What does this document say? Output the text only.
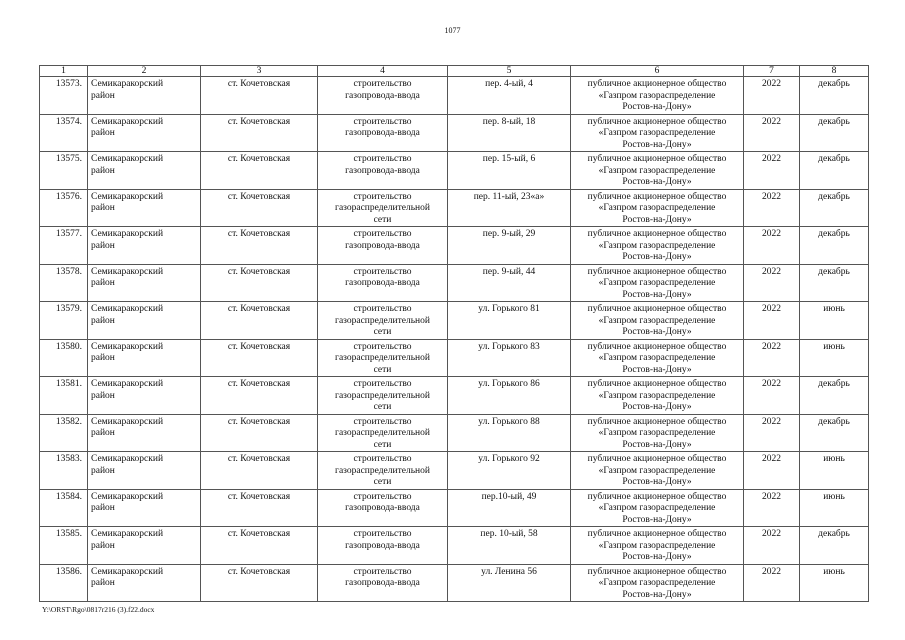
1077
1	2	3	4	5	6	7	8
13573.	Семикаракорский
район	ст. Кочетовская	строительство
газопровода-ввода	пер. 4-ый, 4	публичное акционерное общество
«Газпром газораспределение
Ростов-на-Дону»	2022	декабрь
13574.	Семикаракорский
район	ст. Кочетовская	строительство
газопровода-ввода	пер. 8-ый, 18	публичное акционерное общество
«Газпром газораспределение
Ростов-на-Дону»	2022	декабрь
13575.	Семикаракорский
район	ст. Кочетовская	строительство
газопровода-ввода	пер. 15-ый, 6	публичное акционерное общество
«Газпром газораспределение
Ростов-на-Дону»	2022	декабрь
13576.	Семикаракорский
район	ст. Кочетовская	строительство
газораспределительной
сети	пер. 11-ый, 23«а»	публичное акционерное общество
«Газпром газораспределение
Ростов-на-Дону»	2022	декабрь
13577.	Семикаракорский
район	ст. Кочетовская	строительство
газопровода-ввода	пер. 9-ый, 29	публичное акционерное общество
«Газпром газораспределение
Ростов-на-Дону»	2022	декабрь
13578.	Семикаракорский
район	ст. Кочетовская	строительство
газопровода-ввода	пер. 9-ый, 44	публичное акционерное общество
«Газпром газораспределение
Ростов-на-Дону»	2022	декабрь
13579.	Семикаракорский
район	ст. Кочетовская	строительство
газораспределительной
сети	ул. Горького 81	публичное акционерное общество
«Газпром газораспределение
Ростов-на-Дону»	2022	июнь
13580.	Семикаракорский
район	ст. Кочетовская	строительство
газораспределительной
сети	ул. Горького 83	публичное акционерное общество
«Газпром газораспределение
Ростов-на-Дону»	2022	июнь
13581.	Семикаракорский
район	ст. Кочетовская	строительство
газораспределительной
сети	ул. Горького 86	публичное акционерное общество
«Газпром газораспределение
Ростов-на-Дону»	2022	декабрь
13582.	Семикаракорский
район	ст. Кочетовская	строительство
газораспределительной
сети	ул. Горького 88	публичное акционерное общество
«Газпром газораспределение
Ростов-на-Дону»	2022	декабрь
13583.	Семикаракорский
район	ст. Кочетовская	строительство
газораспределительной
сети	ул. Горького 92	публичное акционерное общество
«Газпром газораспределение
Ростов-на-Дону»	2022	июнь
13584.	Семикаракорский
район	ст. Кочетовская	строительство
газопровода-ввода	пер.10-ый, 49	публичное акционерное общество
«Газпром газораспределение
Ростов-на-Дону»	2022	июнь
13585.	Семикаракорский
район	ст. Кочетовская	строительство
газопровода-ввода	пер. 10-ый, 58	публичное акционерное общество
«Газпром газораспределение
Ростов-на-Дону»	2022	декабрь
13586.	Семикаракорский
район	ст. Кочетовская	строительство
газопровода-ввода	ул. Ленина 56	публичное акционерное общество
«Газпром газораспределение
Ростов-на-Дону»	2022	июнь
Y:\ORST\Rgo\0817r216 (3).f22.docx
